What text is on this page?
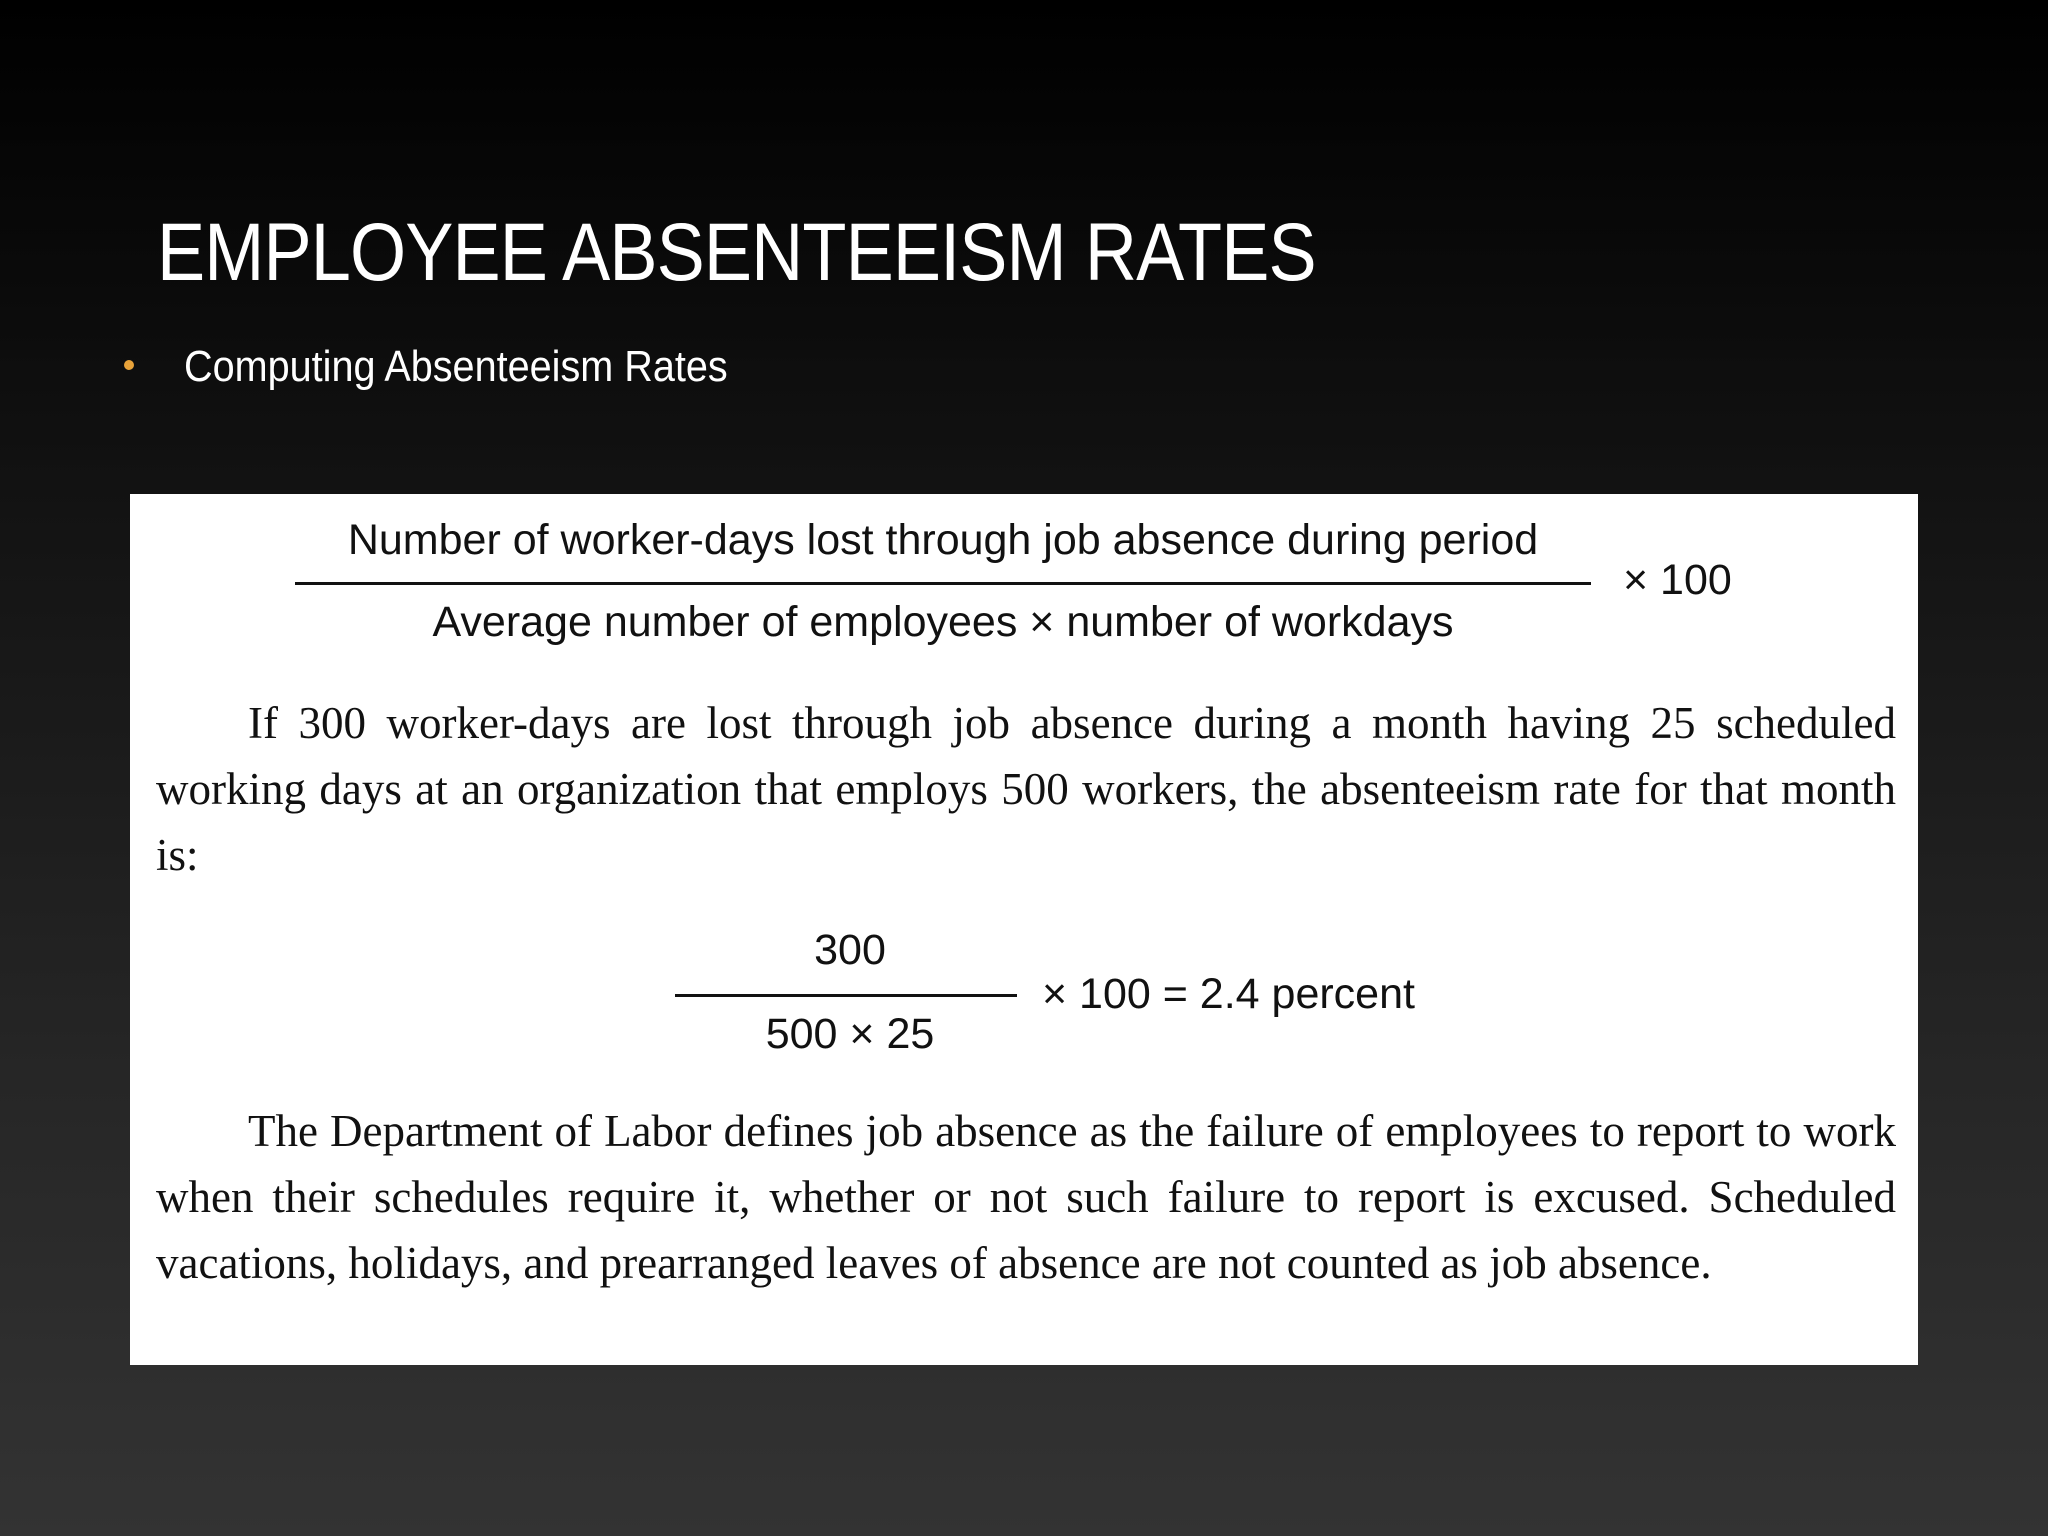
EMPLOYEE ABSENTEEISM RATES
Computing Absenteeism Rates
Number of worker-days lost through job absence during period
Average number of employees × number of workdays
× 100
If 300 worker-days are lost through job absence during a month having 25 scheduled working days at an organization that employs 500 workers, the absenteeism rate for that month is:
300
500 × 25
× 100 = 2.4 percent
The Department of Labor defines job absence as the failure of employees to report to work when their schedules require it, whether or not such failure to report is excused. Scheduled vacations, holidays, and prearranged leaves of absence are not counted as job absence.
